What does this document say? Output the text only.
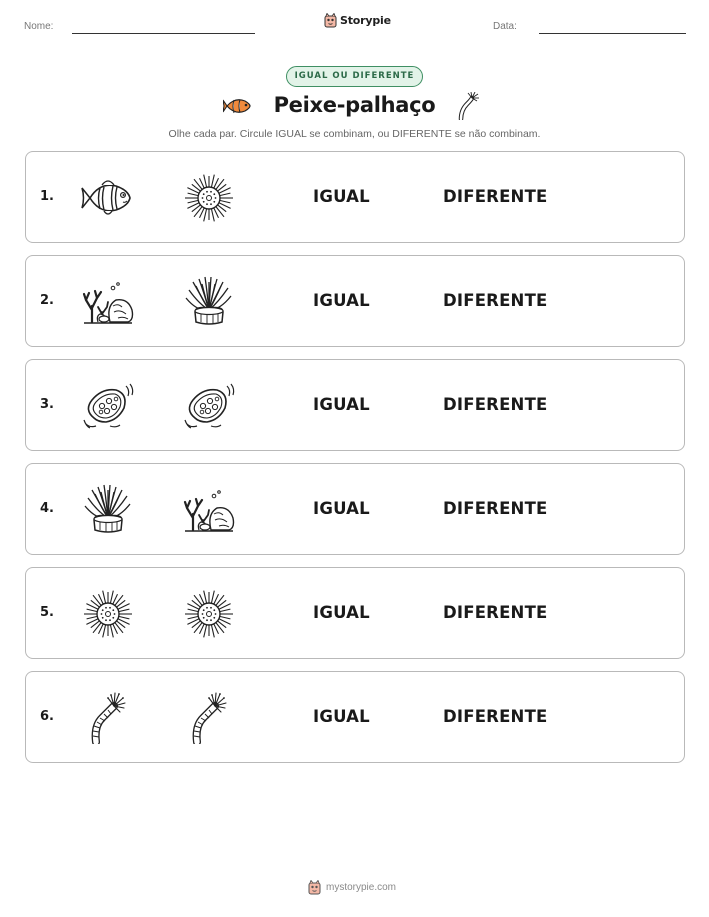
Nome:	Storypie	Data:
IGUAL OU DIFERENTE
Peixe-palhaço
Olhe cada par. Circule IGUAL se combinam, ou DIFERENTE se não combinam.
1.	IGUAL	DIFERENTE
2.	IGUAL	DIFERENTE
3.	IGUAL	DIFERENTE
4.	IGUAL	DIFERENTE
5.	IGUAL	DIFERENTE
6.	IGUAL	DIFERENTE
mystorypie.com
